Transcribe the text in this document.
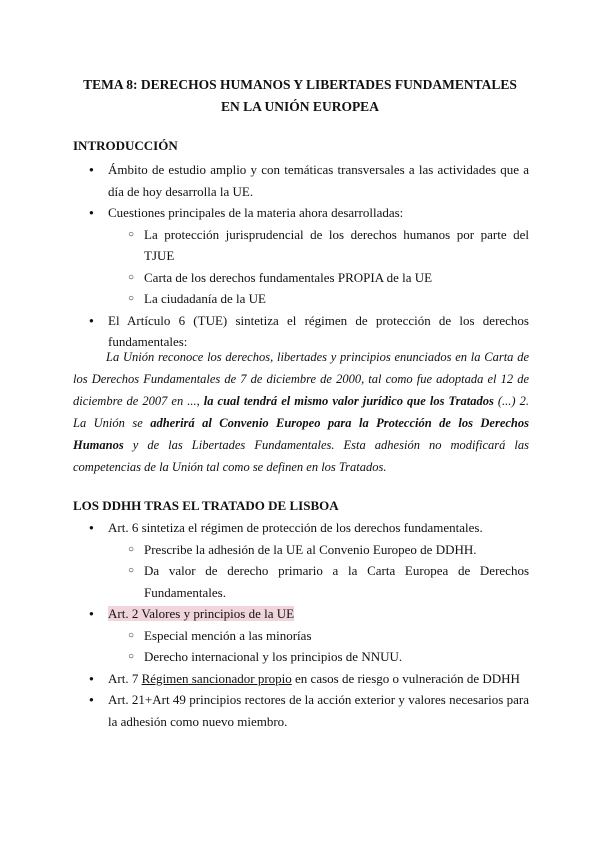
TEMA 8: DERECHOS HUMANOS Y LIBERTADES FUNDAMENTALES
EN LA UNIÓN EUROPEA
INTRODUCCIÓN
● Ámbito de estudio amplio y con temáticas transversales a las actividades que a día de hoy desarrolla la UE.
● Cuestiones principales de la materia ahora desarrolladas:
○ La protección jurisprudencial de los derechos humanos por parte del TJUE
○ Carta de los derechos fundamentales PROPIA de la UE
○ La ciudadanía de la UE
● El Artículo 6 (TUE) sintetiza el régimen de protección de los derechos fundamentales:
La Unión reconoce los derechos, libertades y principios enunciados en la Carta de los Derechos Fundamentales de 7 de diciembre de 2000, tal como fue adoptada el 12 de diciembre de 2007 en ..., la cual tendrá el mismo valor jurídico que los Tratados (...) 2. La Unión se adherirá al Convenio Europeo para la Protección de los Derechos Humanos y de las Libertades Fundamentales. Esta adhesión no modificará las competencias de la Unión tal como se definen en los Tratados.
LOS DDHH TRAS EL TRATADO DE LISBOA
● Art. 6 sintetiza el régimen de protección de los derechos fundamentales.
○ Prescribe la adhesión de la UE al Convenio Europeo de DDHH.
○ Da valor de derecho primario a la Carta Europea de Derechos Fundamentales.
● Art. 2 Valores y principios de la UE
○ Especial mención a las minorías
○ Derecho internacional y los principios de NNUU.
● Art. 7 Régimen sancionador propio en casos de riesgo o vulneración de DDHH
● Art. 21+Art 49 principios rectores de la acción exterior y valores necesarios para la adhesión como nuevo miembro.
